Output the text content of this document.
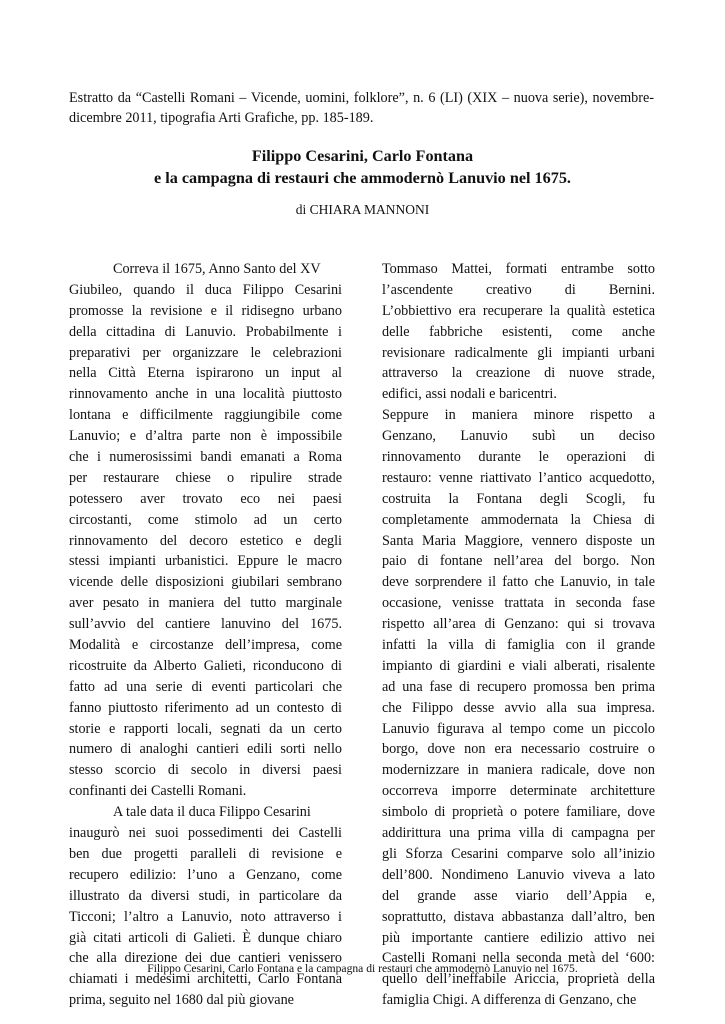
Estratto da “Castelli Romani – Vicende, uomini, folklore”, n. 6 (LI) (XIX – nuova serie), novembre-dicembre 2011, tipografia Arti Grafiche, pp. 185-189.
Filippo Cesarini, Carlo Fontana
e la campagna di restauri che ammodernò Lanuvio nel 1675.
di CHIARA MANNONI
Correva il 1675, Anno Santo del XV
Giubileo, quando il duca Filippo Cesarini
promosse la revisione e il ridisegno urbano
della cittadina di Lanuvio. Probabilmente i
preparativi per organizzare le celebrazioni
nella Città Eterna ispirarono un input al
rinnovamento anche in una località piuttosto
lontana e difficilmente raggiungibile come
Lanuvio; e d’altra parte non è impossibile
che i numerosissimi bandi emanati a Roma
per restaurare chiese o ripulire strade
potessero aver trovato eco nei paesi
circostanti, come stimolo ad un certo
rinnovamento del decoro estetico e degli
stessi impianti urbanistici. Eppure le macro
vicende delle disposizioni giubilari sembrano
aver pesato in maniera del tutto marginale
sull’avvio del cantiere lanuvino del 1675.
Modalità e circostanze dell’impresa, come
ricostruite da Alberto Galieti, riconducono di
fatto ad una serie di eventi particolari che
fanno piuttosto riferimento ad un contesto di
storie e rapporti locali, segnati da un certo
numero di analoghi cantieri edili sorti nello
stesso scorcio di secolo in diversi paesi
confinanti dei Castelli Romani.
A tale data il duca Filippo Cesarini
inaugurò nei suoi possedimenti dei Castelli
ben due progetti paralleli di revisione e
recupero edilizio: l’uno a Genzano, come
illustrato da diversi studi, in particolare da
Ticconi; l’altro a Lanuvio, noto attraverso i
già citati articoli di Galieti. È dunque chiaro
che alla direzione dei due cantieri venissero
chiamati i medesimi architetti, Carlo Fontana
prima, seguito nel 1680 dal più giovane
Tommaso Mattei, formati entrambe sotto
l’ascendente creativo di Bernini.
L’obbiettivo era recuperare la qualità estetica
delle fabbriche esistenti, come anche
revisionare radicalmente gli impianti urbani
attraverso la creazione di nuove strade,
edifici, assi nodali e baricentri.
Seppure in maniera minore rispetto a
Genzano, Lanuvio subì un deciso
rinnovamento durante le operazioni di
restauro: venne riattivato l’antico acquedotto,
costruita la Fontana degli Scogli, fu
completamente ammodernata la Chiesa di
Santa Maria Maggiore, vennero disposte un
paio di fontane nell’area del borgo. Non
deve sorprendere il fatto che Lanuvio, in tale
occasione, venisse trattata in seconda fase
rispetto all’area di Genzano: qui si trovava
infatti la villa di famiglia con il grande
impianto di giardini e viali alberati, risalente
ad una fase di recupero promossa ben prima
che Filippo desse avvio alla sua impresa.
Lanuvio figurava al tempo come un piccolo
borgo, dove non era necessario costruire o
modernizzare in maniera radicale, dove non
occorreva imporre determinate architetture
simbolo di proprietà o potere familiare, dove
addirittura una prima villa di campagna per
gli Sforza Cesarini comparve solo all’inizio
dell’800. Nondimeno Lanuvio viveva a lato
del grande asse viario dell’Appia e,
soprattutto, distava abbastanza dall’altro, ben
più importante cantiere edilizio attivo nei
Castelli Romani nella seconda metà del ‘600:
quello dell’ineffabile Ariccia, proprietà della
famiglia Chigi. A differenza di Genzano, che
Filippo Cesarini, Carlo Fontana e la campagna di restauri che ammodernò Lanuvio nel 1675.
